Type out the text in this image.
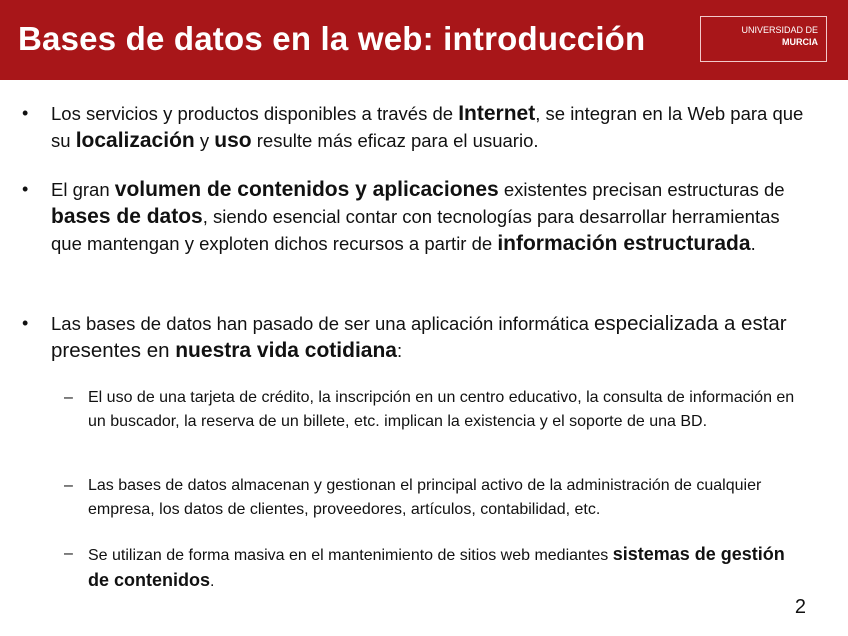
Bases de datos en la web: introducción	UNIVERSIDAD DE
MURCIA
• Los servicios y productos disponibles a través de Internet, se integran en la Web para que su localización y uso resulte más eficaz para el usuario.

• El gran volumen de contenidos y aplicaciones existentes precisan estructuras de bases de datos, siendo esencial contar con tecnologías para desarrollar herramientas que mantengan y exploten dichos recursos a partir de información estructurada.

• Las bases de datos han pasado de ser una aplicación informática especializada a estar presentes en nuestra vida cotidiana:

– El uso de una tarjeta de crédito, la inscripción en un centro educativo, la consulta de información en un buscador, la reserva de un billete, etc. implican la existencia y el soporte de una BD.

– Las bases de datos almacenan y gestionan el principal activo de la administración de cualquier empresa, los datos de clientes, proveedores, artículos, contabilidad, etc.

– Se utilizan de forma masiva en el mantenimiento de sitios web mediantes sistemas de gestión de contenidos.

2
